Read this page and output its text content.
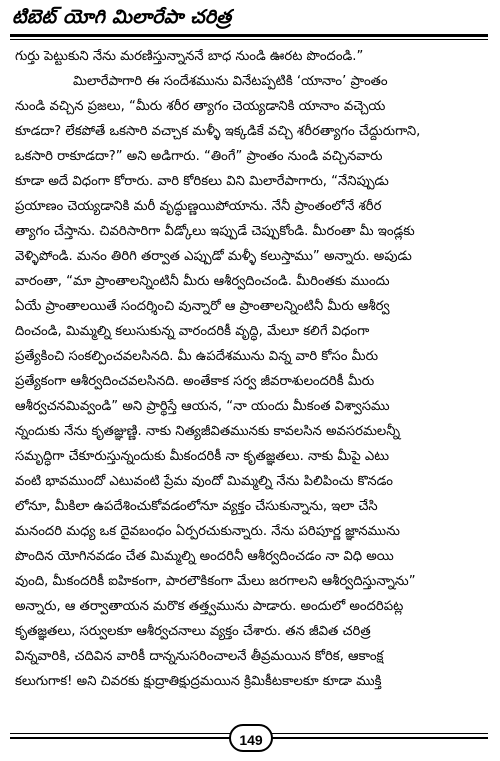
టిబెట్ యోగి మిలారేపా చరిత్ర
గుర్తు పెట్టుకుని నేను మరణిస్తున్నాననే బాధ నుండి ఊరట పొందండి.”
మిలారేపాగారి ఈ సందేశమును వినేటప్పటికి ‘యానాం’ ప్రాంతం
నుండి వచ్చిన ప్రజలు, “మీరు శరీర త్యాగం చెయ్యడానికి యానాం వచ్చెయ
కూడదా? లేకపోతే ఒకసారి వచ్చాక మళ్ళీ ఇక్కడికే వచ్చి శరీరత్యాగం చేద్దురుగాని,
ఒకసారి రాకూడదా?” అని అడిగారు. “తింగే” ప్రాంతం నుండి వచ్చినవారు
కూడా అదే విధంగా కోరారు. వారి కోరికలు విని మిలారేపాగారు, “నేనిప్పుడు
ప్రయాణం చెయ్యడానికి మరీ వృద్ధుణ్ణయిపోయాను. నేనీ ప్రాంతంలోనే శరీర
త్యాగం చేస్తాను. చివరిసారిగా వీడ్కోలు ఇప్పుడే చెప్పుకోండి. మీరంతా మీ ఇండ్లకు
వెళ్ళిపోండి. మనం తిరిగి తర్వాత ఎప్పుడో మళ్ళీ కలుస్తాము” అన్నారు. అపుడు
వారంతా, “మా ప్రాంతాలన్నింటినీ మీరు ఆశీర్వదించండి. మీరింతకు ముందు
ఏయే ప్రాంతాలయితే సందర్శించి వున్నారో ఆ ప్రాంతాలన్నింటినీ మీరు ఆశీర్వ
దించండి, మిమ్మల్ని కలుసుకున్న వారందరికీ వృద్ధి, మేలూ కలిగే విధంగా
ప్రత్యేకించి సంకల్పించవలసినది. మీ ఉపదేశమును విన్న వారి కోసం మీరు
ప్రత్యేకంగా ఆశీర్వదించవలసినది. అంతేకాక సర్వ జీవరాశులందరికీ మీరు
ఆశీర్వచనమివ్వండి” అని ప్రార్థిస్తే ఆయన, “నా యందు మీకంత విశ్వాసము
న్నందుకు నేను కృతజ్ఞుణ్ణి. నాకు నిత్యజీవితమునకు కావలసిన అవసరమలన్నీ
సమృద్ధిగా చేకూరుస్తున్నందుకు మీకందరికీ నా కృతజ్ఞతలు. నాకు మీపై ఎటు
వంటి భావముందో ఎటువంటి ప్రేమ వుందో మిమ్మల్ని నేను పిలిపించు కొనడం
లోనూ, మీకిలా ఉపదేశించుకోవడంలోనూ వ్యక్తం చేసుకున్నాను, ఇలా చేసి
మనందరి మధ్య ఒక దైవబంధం ఏర్పరచుకున్నారు. నేను పరిపూర్ణ జ్ఞానమును
పొందిన యోగినవడం చేత మిమ్మల్ని అందరినీ ఆశీర్వదించడం నా విధి అయి
వుంది, మీకందరికీ ఐహికంగా, పారలౌకికంగా మేలు జరగాలని ఆశీర్వదిస్తున్నాను”
అన్నారు, ఆ తర్వాతాయన మరొక తత్త్వమును పాడారు. అందులో అందరిపట్ల
కృతజ్ఞతలు, సర్వులకూ ఆశీర్వచనాలు వ్యక్తం చేశారు. తన జీవిత చరిత్ర
విన్నవారికి, చదివిన వారికీ దాన్ననుసరించాలనే తీవ్రమయిన కోరిక, ఆకాంక్ష
కలుగుగాక! అని చివరకు క్షుద్రాతిక్షుద్రమయిన క్రిమికీటకాలకూ కూడా ముక్తి
149
